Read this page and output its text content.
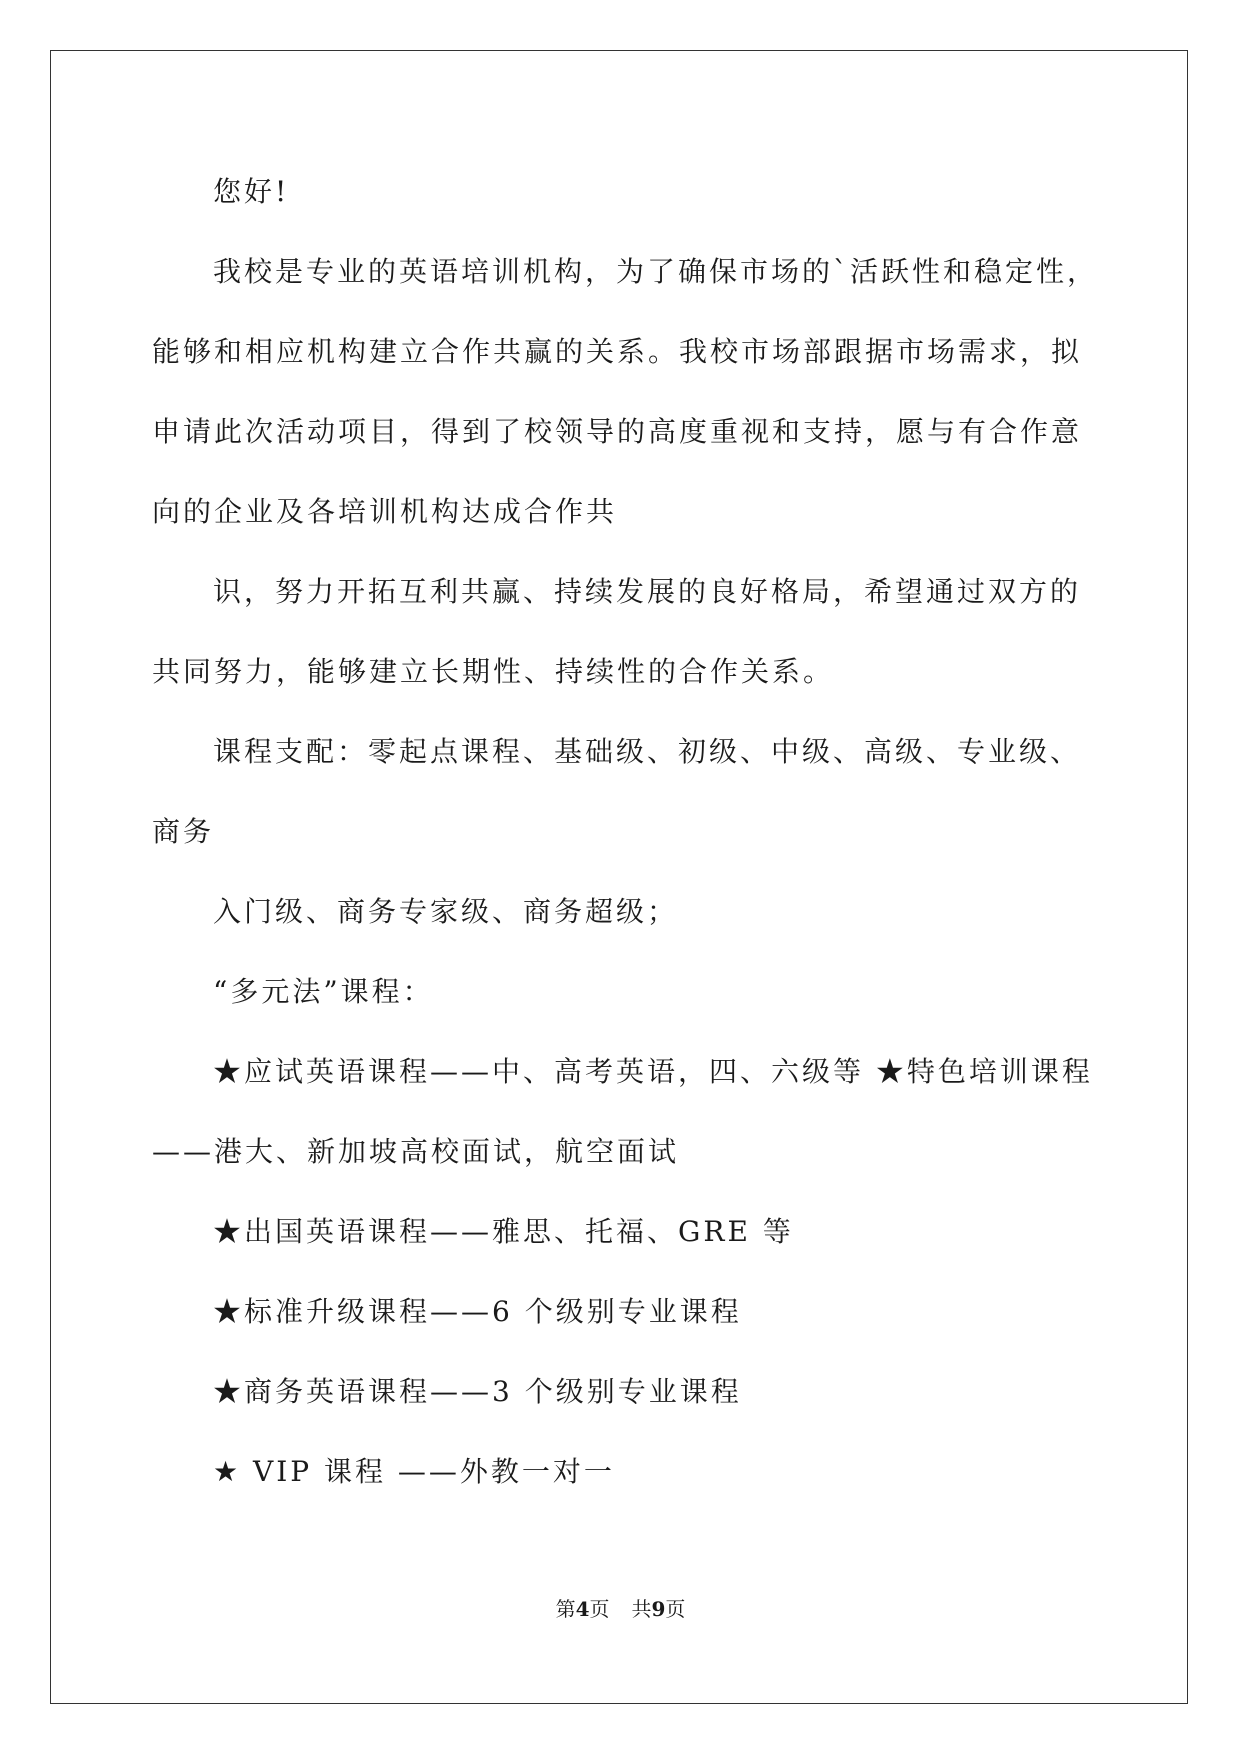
您好!
我校是专业的英语培训机构，为了确保市场的`活跃性和稳定性，
能够和相应机构建立合作共赢的关系。我校市场部跟据市场需求，拟
申请此次活动项目，得到了校领导的高度重视和支持，愿与有合作意
向的企业及各培训机构达成合作共
识，努力开拓互利共赢、持续发展的良好格局，希望通过双方的
共同努力，能够建立长期性、持续性的合作关系。
课程支配：零起点课程、基础级、初级、中级、高级、专业级、
商务
入门级、商务专家级、商务超级；
“多元法”课程：
★应试英语课程——中、高考英语，四、六级等 ★特色培训课程
——港大、新加坡高校面试，航空面试
★出国英语课程——雅思、托福、GRE 等
★标准升级课程——6 个级别专业课程
★商务英语课程——3 个级别专业课程
★ VIP 课程 ——外教一对一
第4页 共9页
